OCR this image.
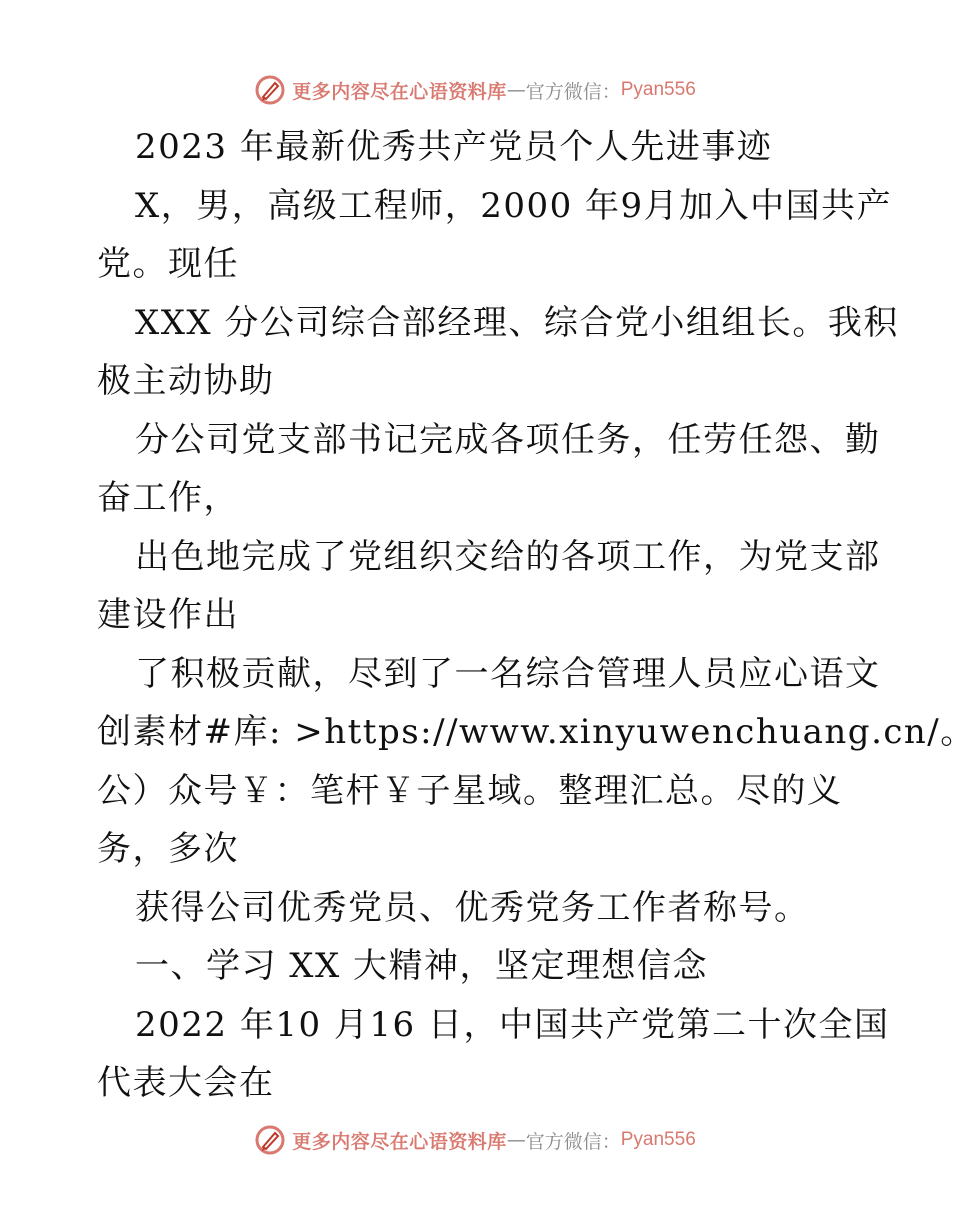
更多内容尽在心语资料库 — 官方微信： Pyan556
2023 年最新优秀共产党员个人先进事迹
X，男，高级工程师，2000 年9月加入中国共产
党。现任
XXX 分公司综合部经理、综合党小组组长。我积
极主动协助
分公司党支部书记完成各项任务，任劳任怨、勤
奋工作，
出色地完成了党组织交给的各项工作，为党支部
建设作出
了积极贡献，尽到了一名综合管理人员应心语文
创素材#库: >https://www.xinyuwenchuang.cn/。
公）众号￥：笔杆￥子星域。整理汇总。尽的义
务，多次
获得公司优秀党员、优秀党务工作者称号。
一、学习 XX 大精神，坚定理想信念
2022 年10 月16 日，中国共产党第二十次全国
代表大会在
更多内容尽在心语资料库 — 官方微信： Pyan556
